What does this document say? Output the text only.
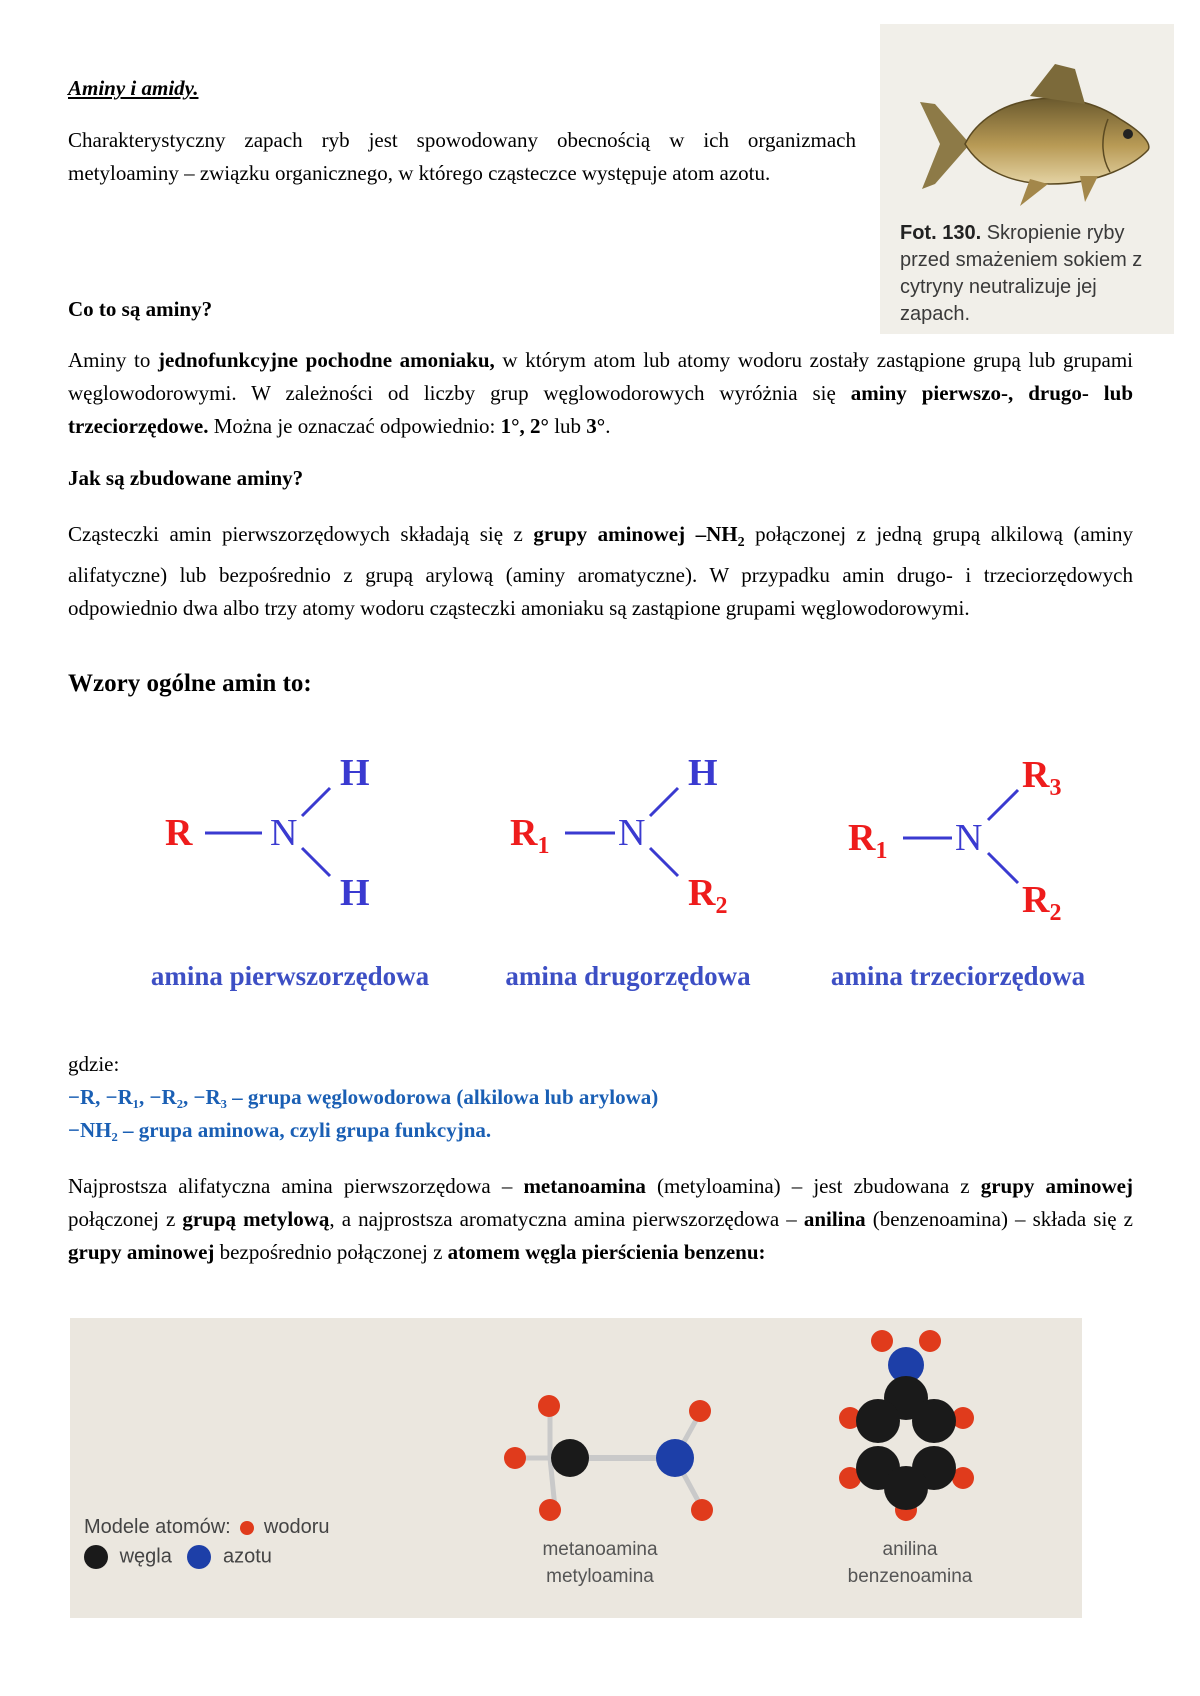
Aminy i amidy.

Charakterystyczny zapach ryb jest spowodowany obecnością w ich organizmach metyloaminy – związku organicznego, w którego cząsteczce występuje atom azotu.

Fot. 130. Skropienie ryby przed smażeniem sokiem z cytryny neutralizuje jej zapach.
Co to są aminy?

Aminy to jednofunkcyjne pochodne amoniaku, w którym atom lub atomy wodoru zostały zastąpione grupą lub grupami węglowodorowymi. W zależności od liczby grup węglowodorowych wyróżnia się aminy pierwszo-, drugo- lub trzeciorzędowe. Można je oznaczać odpowiednio: 1°, 2° lub 3°.

Jak są zbudowane aminy?

Cząsteczki amin pierwszorzędowych składają się z grupy aminowej $-NH_2$ połączonej z jedną grupą alkilową (aminy alifatyczne) lub bezpośrednio z grupą arylową (aminy aromatyczne). W przypadku amin drugo- i trzeciorzędowych odpowiednio dwa albo trzy atomy wodoru cząsteczki amoniaku są zastąpione grupami węglowodorowymi.

Wzory ogólne amin to:
R N
H
H
amina pierwszorzędowa
$R_1$ N
H
$R_2$
amina drugorzędowa
$R_1$ N
$R_3$
$R_2$
amina trzeciorzędowa
gdzie:
−R, −R₁, −R₂, −R₃ – grupa węglowodorowa (alkilowa lub arylowa)
−NH₂ – grupa aminowa, czyli grupa funkcyjna.

Najprostsza alifatyczna amina pierwszorzędowa – metanoamina (metyloamina) – jest zbudowana z grupy aminowej połączonej z grupą metylową, a najprostsza aromatyczna amina pierwszorzędowa – anilina (benzenoamina) – składa się z grupy aminowej bezpośrednio połączonej z atomem węgla pierścienia benzenu:

Modele atomów: wodoru
węgla	azotu	metanoamina
metyloamina
anilina
benzenoamina
